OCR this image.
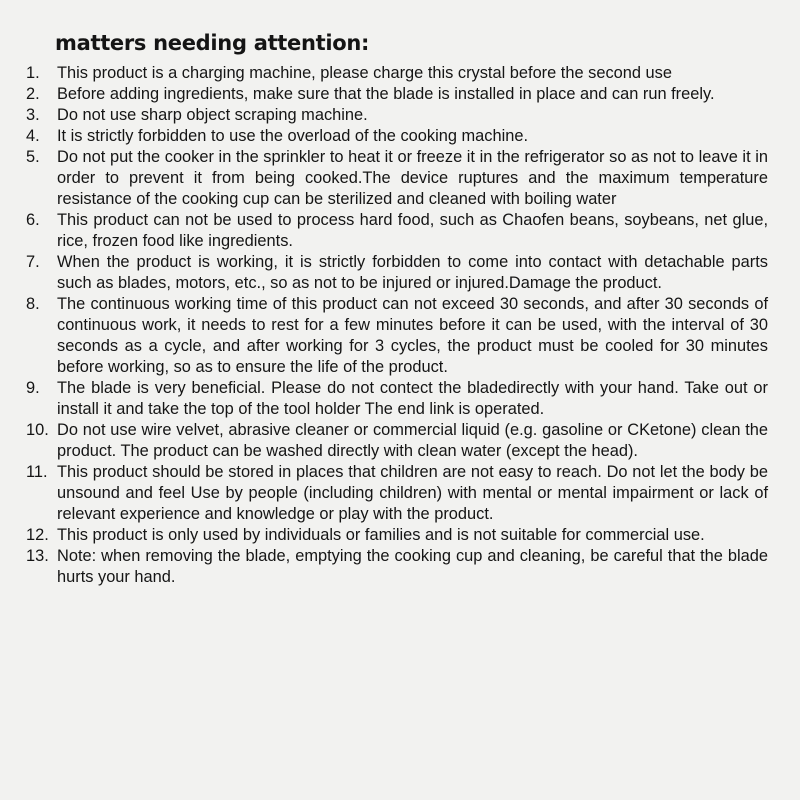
matters needing attention:
1.	This product is a charging machine, please charge this crystal before the second use
2.	Before adding ingredients, make sure that the blade is installed in place and can run freely.
3.	Do not use sharp object scraping machine.
4.	It is strictly forbidden to use the overload of the cooking machine.
5.	Do not put the cooker in the sprinkler to heat it or freeze it in the refrigerator so as not to leave it in order to prevent it from being cooked.The device ruptures and the maximum temperature resistance of the cooking cup can be sterilized and cleaned with boiling water
6.	This product can not be used to process hard food, such as Chaofen beans, soybeans, net glue, rice, frozen food like ingredients.
7.	When the product is working, it is strictly forbidden to come into contact with detachable parts such as blades, motors, etc., so as not to be injured or injured.Damage the product.
8.	The continuous working time of this product can not exceed 30 seconds, and after 30 seconds of continuous work, it needs to rest for a few minutes before it can be used, with the interval of 30 seconds as a cycle, and after working for 3 cycles, the product must be cooled for 30 minutes before working, so as to ensure the life of the product.
9.	The blade is very beneficial. Please do not contect the bladedirectly with your hand. Take out or install it and take the top of the tool holder The end link is operated.
10. Do not use wire velvet, abrasive cleaner or commercial liquid (e.g. gasoline or CKetone) clean the product. The product can be washed directly with clean water (except the head).
11. This product should be stored in places that children are not easy to reach. Do not let the body be unsound and feel Use by people (including children) with mental or mental impairment or lack of relevant experience and knowledge or play with the product.
12. This product is only used by individuals or families and is not suitable for commercial use.
13. Note: when removing the blade, emptying the cooking cup and cleaning, be careful that the blade hurts your hand.
